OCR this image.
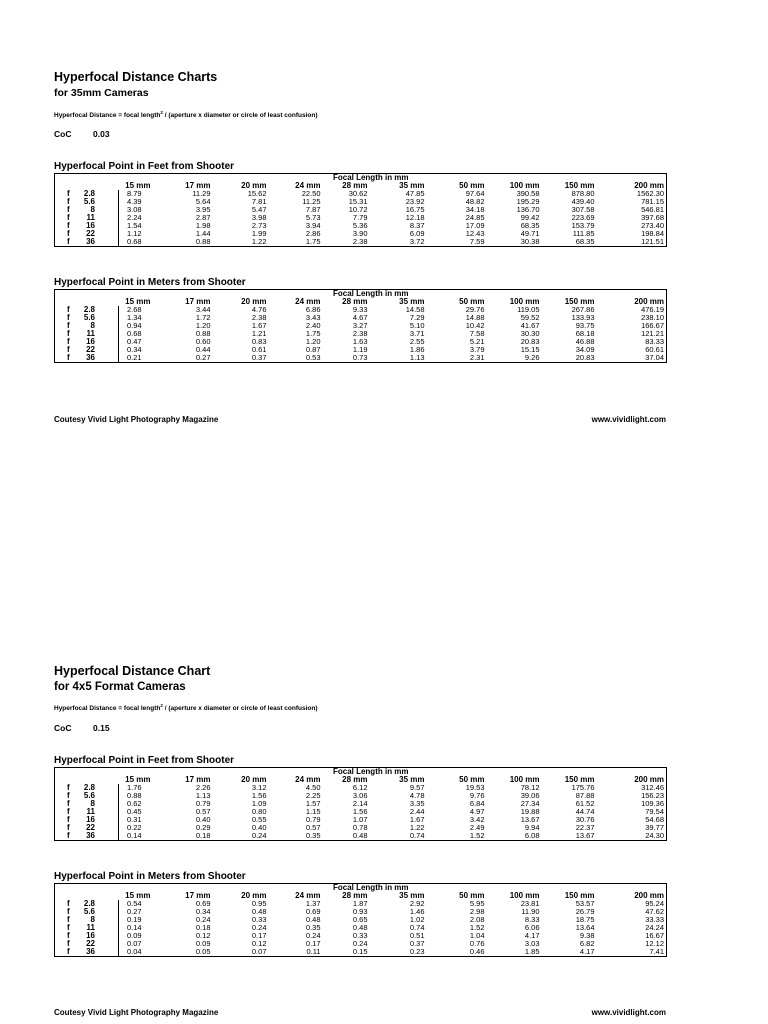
Hyperfocal Distance Charts
for 35mm Cameras
Hyperfocal Distance = focal length$^2$ / (aperture x diameter or circle of least confusion)
CoC	0.03
Hyperfocal Point in Feet from Shooter
					Focal Length in mm					
	15 mm	17 mm	20 mm	24 mm	28 mm	35 mm	50 mm	100 mm	150 mm	200 mm
f 2.8	8.79	11.29	15.62	22.50	30.62	47.85	97.64	390.58	878.80	1562.30
f 5.6	4.39	5.64	7.81	11.25	15.31	23.92	48.82	195.29	439.40	781.15
f 8	3.08	3.95	5.47	7.87	10.72	16.75	34.18	136.70	307.58	546.81
f 11	2.24	2.87	3.98	5.73	7.79	12.18	24.85	99.42	223.69	397.68
f 16	1.54	1.98	2.73	3.94	5.36	8.37	17.09	68.35	153.79	273.40
f 22	1.12	1.44	1.99	2.86	3.90	6.09	12.43	49.71	111.85	198.84
f 36	0.68	0.88	1.22	1.75	2.38	3.72	7.59	30.38	68.35	121.51
Hyperfocal Point in Meters from Shooter
					Focal Length in mm					
	15 mm	17 mm	20 mm	24 mm	28 mm	35 mm	50 mm	100 mm	150 mm	200 mm
f 2.8	2.68	3.44	4.76	6.86	9.33	14.58	29.76	119.05	267.86	476.19
f 5.6	1.34	1.72	2.38	3.43	4.67	7.29	14.88	59.52	133.93	238.10
f 8	0.94	1.20	1.67	2.40	3.27	5.10	10.42	41.67	93.75	166.67
f 11	0.68	0.88	1.21	1.75	2.38	3.71	7.58	30.30	68.18	121.21
f 16	0.47	0.60	0.83	1.20	1.63	2.55	5.21	20.83	46.88	83.33
f 22	0.34	0.44	0.61	0.87	1.19	1.86	3.79	15.15	34.09	60.61
f 36	0.21	0.27	0.37	0.53	0.73	1.13	2.31	9.26	20.83	37.04
Coutesy Vivid Light Photography Magazine	www.vividlight.com
Hyperfocal Distance Chart
for 4x5 Format Cameras
Hyperfocal Distance = focal length$^2$ / (aperture x diameter or circle of least confusion)
CoC	0.15
Hyperfocal Point in Feet from Shooter
					Focal Length in mm					
	15 mm	17 mm	20 mm	24 mm	28 mm	35 mm	50 mm	100 mm	150 mm	200 mm
f 2.8	1.76	2.26	3.12	4.50	6.12	9.57	19.53	78.12	175.76	312.46
f 5.6	0.88	1.13	1.56	2.25	3.06	4.78	9.76	39.06	87.88	156.23
f 8	0.62	0.79	1.09	1.57	2.14	3.35	6.84	27.34	61.52	109.36
f 11	0.45	0.57	0.80	1.15	1.56	2.44	4.97	19.88	44.74	79.54
f 16	0.31	0.40	0.55	0.79	1.07	1.67	3.42	13.67	30.76	54.68
f 22	0.22	0.29	0.40	0.57	0.78	1.22	2.49	9.94	22.37	39.77
f 36	0.14	0.18	0.24	0.35	0.48	0.74	1.52	6.08	13.67	24.30
Hyperfocal Point in Meters from Shooter
					Focal Length in mm					
	15 mm	17 mm	20 mm	24 mm	28 mm	35 mm	50 mm	100 mm	150 mm	200 mm
f 2.8	0.54	0.69	0.95	1.37	1.87	2.92	5.95	23.81	53.57	95.24
f 5.6	0.27	0.34	0.48	0.69	0.93	1.46	2.98	11.90	26.79	47.62
f 8	0.19	0.24	0.33	0.48	0.65	1.02	2.08	8.33	18.75	33.33
f 11	0.14	0.18	0.24	0.35	0.48	0.74	1.52	6.06	13.64	24.24
f 16	0.09	0.12	0.17	0.24	0.33	0.51	1.04	4.17	9.38	16.67
f 22	0.07	0.09	0.12	0.17	0.24	0.37	0.76	3.03	6.82	12.12
f 36	0.04	0.05	0.07	0.11	0.15	0.23	0.46	1.85	4.17	7.41
Coutesy Vivid Light Photography Magazine	www.vividlight.com
